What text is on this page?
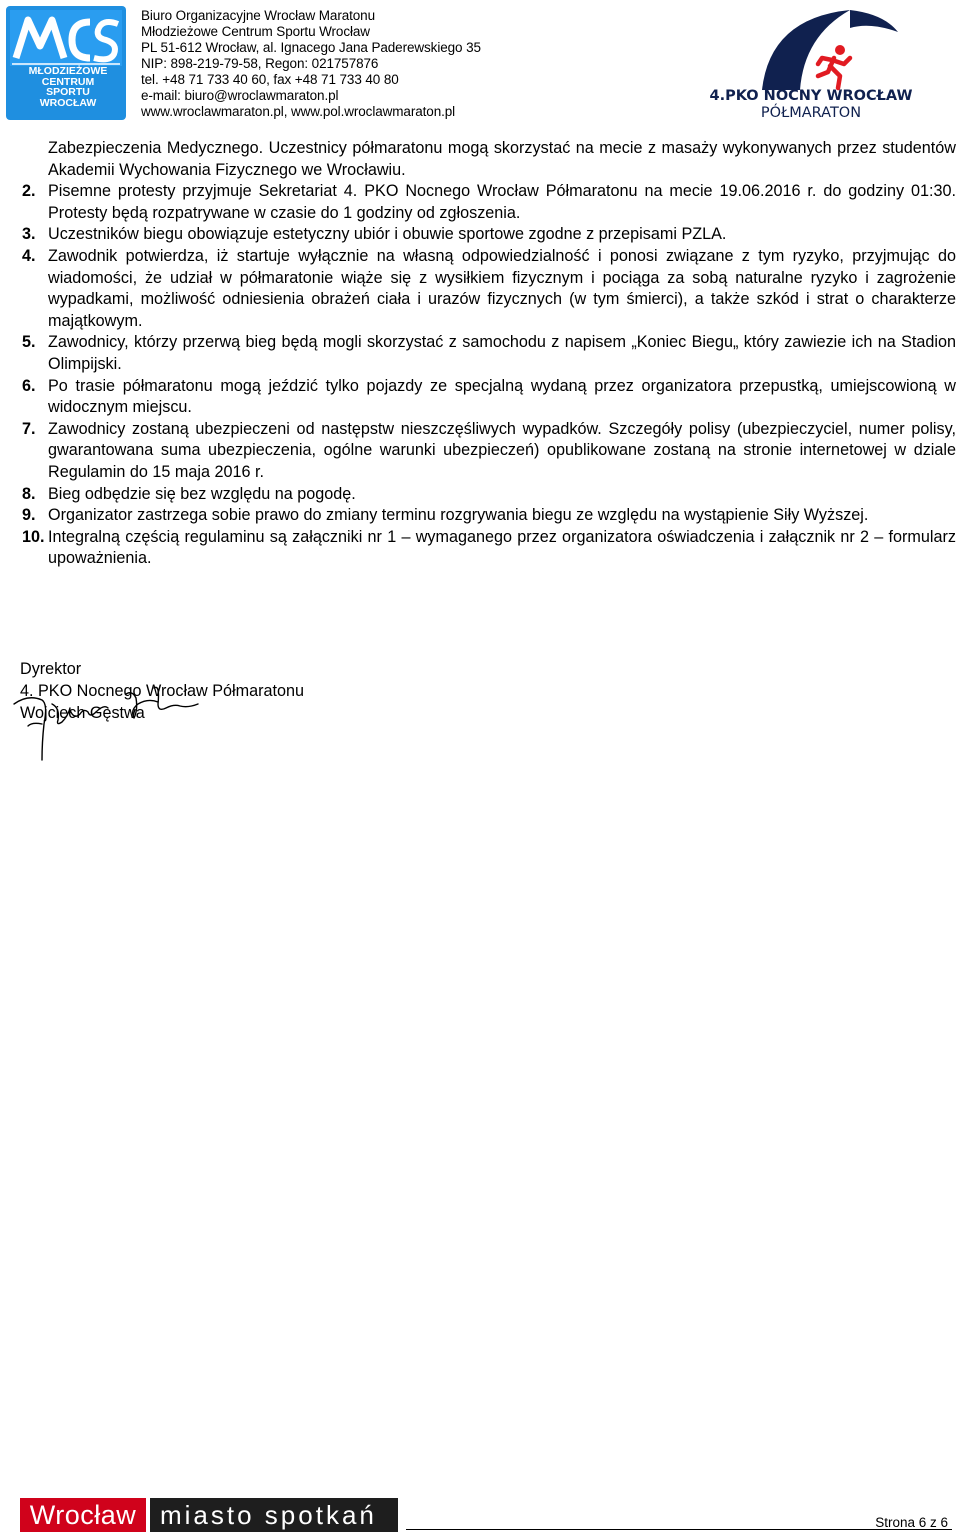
MŁODZIEŻOWE
CENTRUM
SPORTU
WROCŁAW
Biuro Organizacyjne Wrocław Maratonu
Młodzieżowe Centrum Sportu Wrocław
PL 51-612 Wrocław, al. Ignacego Jana Paderewskiego 35
NIP: 898-219-79-58, Regon: 021757876
tel. +48 71 733 40 60, fax +48 71 733 40 80
e-mail: biuro@wroclawmaraton.pl
www.wroclawmaraton.pl, www.pol.wroclawmaraton.pl
4.PKO NOCNY WROCŁAW
PÓŁMARATON
Zabezpieczenia Medycznego. Uczestnicy półmaratonu mogą skorzystać na mecie z masaży wykonywanych przez studentów Akademii Wychowania Fizycznego we Wrocławiu.
2. Pisemne protesty przyjmuje Sekretariat 4. PKO Nocnego Wrocław Półmaratonu na mecie 19.06.2016 r. do godziny 01:30. Protesty będą rozpatrywane w czasie do 1 godziny od zgłoszenia.
3. Uczestników biegu obowiązuje estetyczny ubiór i obuwie sportowe zgodne z przepisami PZLA.
4. Zawodnik potwierdza, iż startuje wyłącznie na własną odpowiedzialność i ponosi związane z tym ryzyko, przyjmując do wiadomości, że udział w półmaratonie wiąże się z wysiłkiem fizycznym i pociąga za sobą naturalne ryzyko i zagrożenie wypadkami, możliwość odniesienia obrażeń ciała i urazów fizycznych (w tym śmierci), a także szkód i strat o charakterze majątkowym.
5. Zawodnicy, którzy przerwą bieg będą mogli skorzystać z samochodu z napisem „Koniec Biegu„ który zawiezie ich na Stadion Olimpijski.
6. Po trasie półmaratonu mogą jeździć tylko pojazdy ze specjalną wydaną przez organizatora przepustką, umiejscowioną w widocznym miejscu.
7. Zawodnicy zostaną ubezpieczeni od następstw nieszczęśliwych wypadków. Szczegóły polisy (ubezpieczyciel, numer polisy, gwarantowana suma ubezpieczenia, ogólne warunki ubezpieczeń) opublikowane zostaną na stronie internetowej w dziale Regulamin do 15 maja 2016 r.
8. Bieg odbędzie się bez względu na pogodę.
9. Organizator zastrzega sobie prawo do zmiany terminu rozgrywania biegu ze względu na wystąpienie Siły Wyższej.
10. Integralną częścią regulaminu są załączniki nr 1 – wymaganego przez organizatora oświadczenia i załącznik nr 2 – formularz upoważnienia.
Dyrektor
4. PKO Nocnego Wrocław Półmaratonu
Wojciech Gęstwa
Wrocław miasto spotkań	Strona 6 z 6
